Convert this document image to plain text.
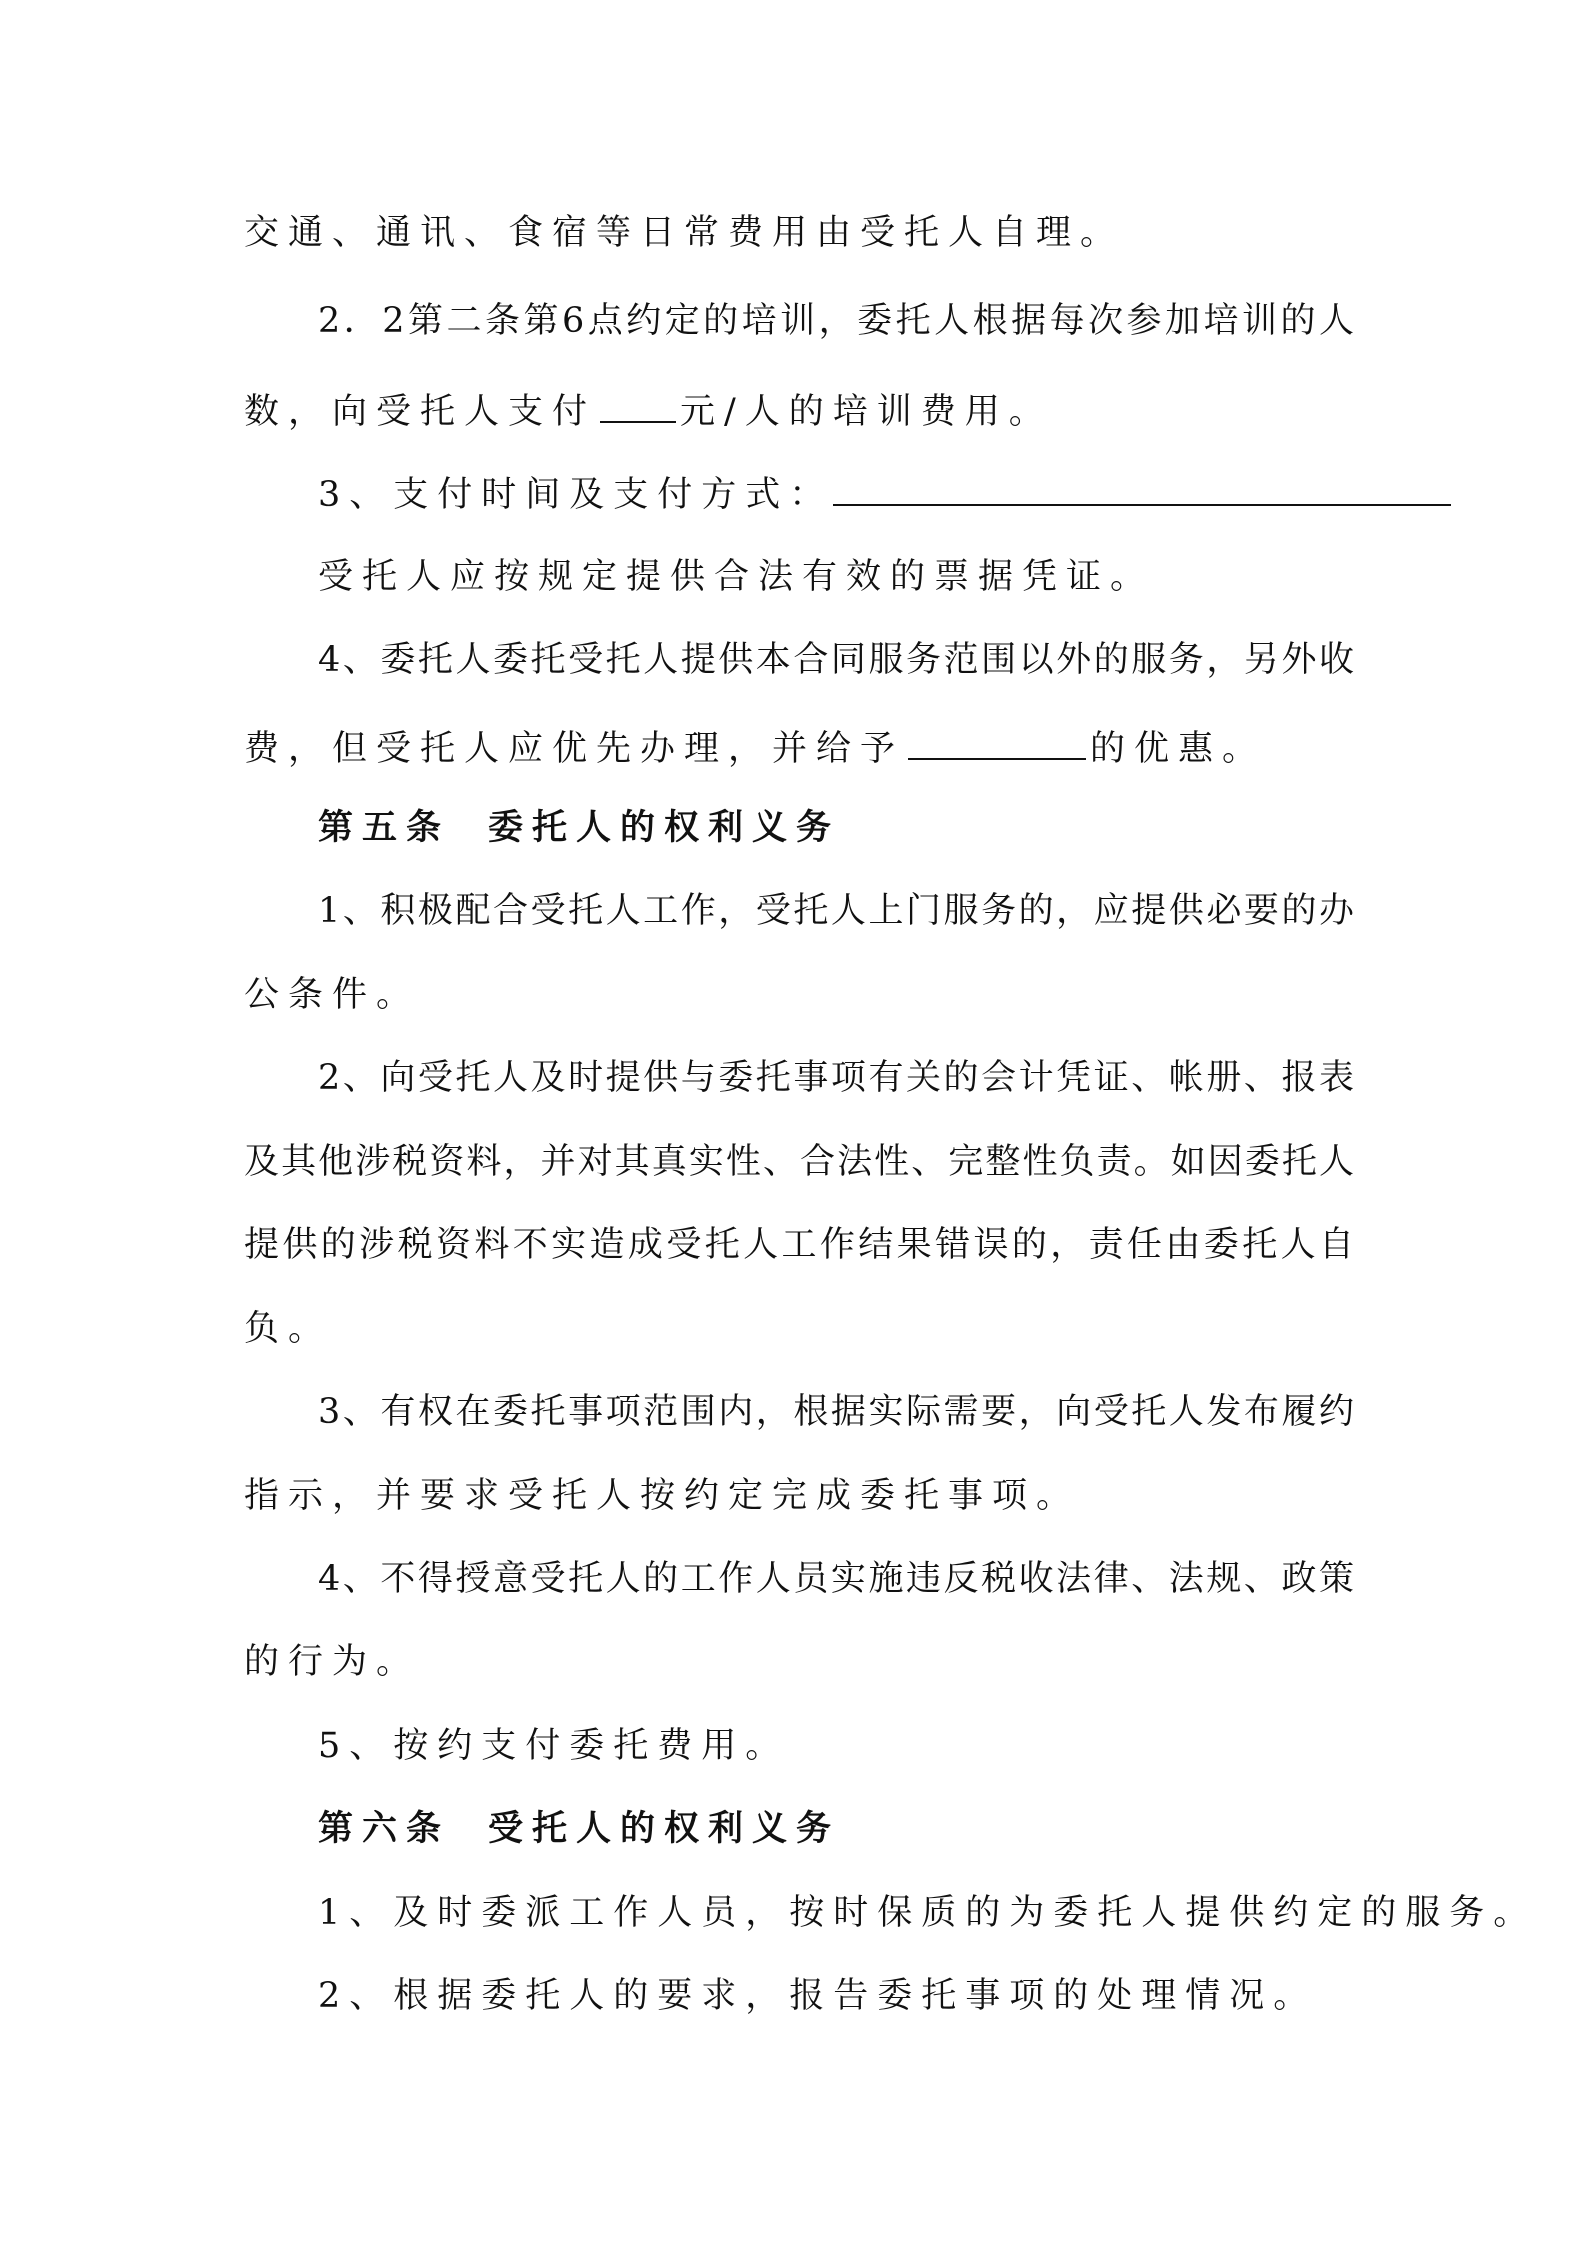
交通、通讯、食宿等日常费用由受托人自理。
2．2第二条第6点约定的培训，委托人根据每次参加培训的人
数，向受托人支付 元/人的培训费用。
3、支付时间及支付方式：
受托人应按规定提供合法有效的票据凭证。
4、委托人委托受托人提供本合同服务范围以外的服务，另外收
费，但受托人应优先办理，并给予	的优惠。
第五条 委托人的权利义务
1、积极配合受托人工作，受托人上门服务的，应提供必要的办
公条件。
2、向受托人及时提供与委托事项有关的会计凭证、帐册、报表
及其他涉税资料，并对其真实性、合法性、完整性负责。如因委托人
提供的涉税资料不实造成受托人工作结果错误的，责任由委托人自
负。
3、有权在委托事项范围内，根据实际需要，向受托人发布履约
指示，并要求受托人按约定完成委托事项。
4、不得授意受托人的工作人员实施违反税收法律、法规、政策
的行为。
5、按约支付委托费用。
第六条 受托人的权利义务
1、及时委派工作人员，按时保质的为委托人提供约定的服务。
2、根据委托人的要求，报告委托事项的处理情况。
